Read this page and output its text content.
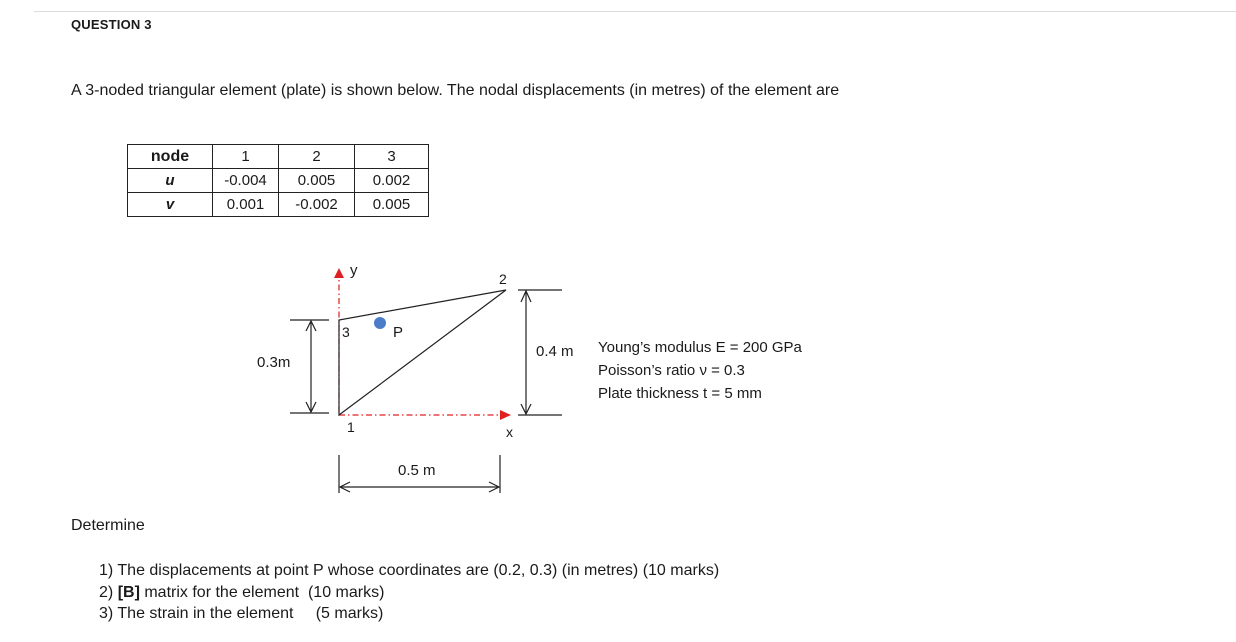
QUESTION 3
A 3-noded triangular element (plate) is shown below. The nodal displacements (in metres) of the element are
node	1	2	3
u	-0.004	0.005	0.002
v	0.001	-0.002	0.005
y
x
1
2
3	P
0.3m
0.4 m
0.5 m
Young’s modulus E = 200 GPa
Poisson’s ratio ν = 0.3
Plate thickness t = 5 mm
Determine
1) The displacements at point P whose coordinates are (0.2, 0.3) (in metres) (10 marks)
2) [B] matrix for the element  (10 marks)
3) The strain in the element     (5 marks)
